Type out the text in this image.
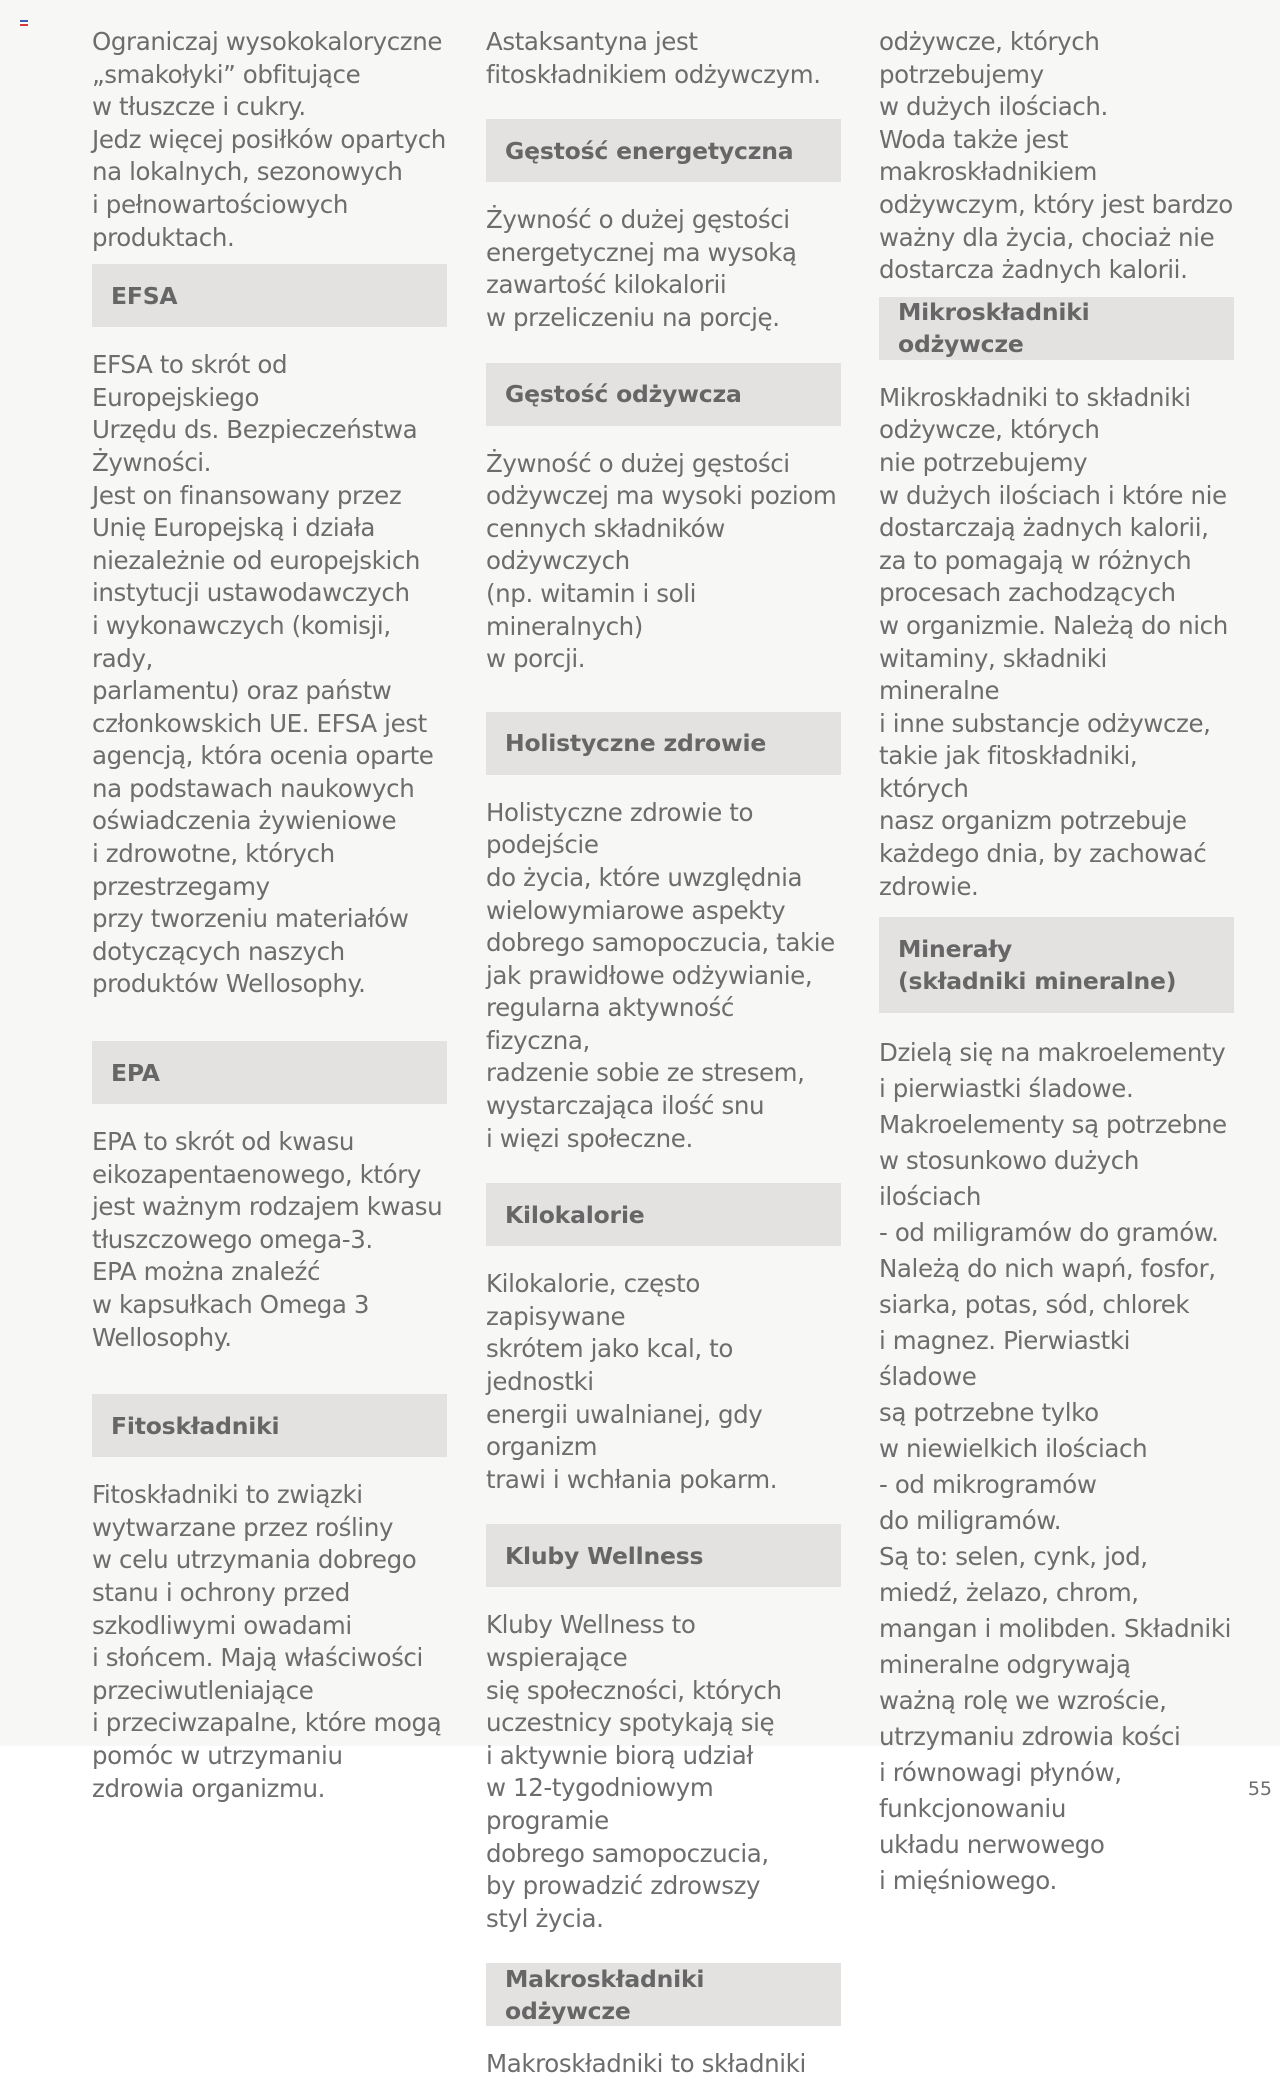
Ograniczaj wysokokaloryczne
„smakołyki” obfitujące
w tłuszcze i cukry.
Jedz więcej posiłków opartych
na lokalnych, sezonowych
i pełnowartościowych
produktach.

EFSA

EFSA to skrót od Europejskiego
Urzędu ds. Bezpieczeństwa
Żywności.
Jest on finansowany przez
Unię Europejską i działa
niezależnie od europejskich
instytucji ustawodawczych
i wykonawczych (komisji, rady,
parlamentu) oraz państw
członkowskich UE. EFSA jest
agencją, która ocenia oparte
na podstawach naukowych
oświadczenia żywieniowe
i zdrowotne, których
przestrzegamy
przy tworzeniu materiałów
dotyczących naszych
produktów Wellosophy.

EPA

EPA to skrót od kwasu
eikozapentaenowego, który
jest ważnym rodzajem kwasu
tłuszczowego omega-3.
EPA można znaleźć
w kapsułkach Omega 3
Wellosophy.

Fitoskładniki

Fitoskładniki to związki
wytwarzane przez rośliny
w celu utrzymania dobrego
stanu i ochrony przed
szkodliwymi owadami
i słońcem. Mają właściwości
przeciwutleniające
i przeciwzapalne, które mogą
pomóc w utrzymaniu
zdrowia organizmu.

Astaksantyna jest
fitoskładnikiem odżywczym.

Gęstość energetyczna

Żywność o dużej gęstości
energetycznej ma wysoką
zawartość kilokalorii
w przeliczeniu na porcję.

Gęstość odżywcza

Żywność o dużej gęstości
odżywczej ma wysoki poziom
cennych składników odżywczych
(np. witamin i soli mineralnych)
w porcji.

Holistyczne zdrowie

Holistyczne zdrowie to podejście
do życia, które uwzględnia
wielowymiarowe aspekty
dobrego samopoczucia, takie
jak prawidłowe odżywianie,
regularna aktywność fizyczna,
radzenie sobie ze stresem,
wystarczająca ilość snu
i więzi społeczne.

Kilokalorie

Kilokalorie, często zapisywane
skrótem jako kcal, to jednostki
energii uwalnianej, gdy organizm
trawi i wchłania pokarm.

Kluby Wellness

Kluby Wellness to wspierające
się społeczności, których
uczestnicy spotykają się
i aktywnie biorą udział
w 12-tygodniowym programie
dobrego samopoczucia,
by prowadzić zdrowszy
styl życia.

Makroskładniki odżywcze

Makroskładniki to składniki

odżywcze, których potrzebujemy
w dużych ilościach.
Woda także jest
makroskładnikiem
odżywczym, który jest bardzo
ważny dla życia, chociaż nie
dostarcza żadnych kalorii.

Mikroskładniki odżywcze

Mikroskładniki to składniki
odżywcze, których
nie potrzebujemy
w dużych ilościach i które nie
dostarczają żadnych kalorii,
za to pomagają w różnych
procesach zachodzących
w organizmie. Należą do nich
witaminy, składniki mineralne
i inne substancje odżywcze,
takie jak fitoskładniki, których
nasz organizm potrzebuje
każdego dnia, by zachować
zdrowie.

Minerały
(składniki mineralne)

Dzielą się na makroelementy
i pierwiastki śladowe.
Makroelementy są potrzebne
w stosunkowo dużych ilościach
- od miligramów do gramów.
Należą do nich wapń, fosfor,
siarka, potas, sód, chlorek
i magnez. Pierwiastki śladowe
są potrzebne tylko
w niewielkich ilościach
- od mikrogramów
do miligramów.
Są to: selen, cynk, jod,
miedź, żelazo, chrom,
mangan i molibden. Składniki
mineralne odgrywają
ważną rolę we wzroście,
utrzymaniu zdrowia kości
i równowagi płynów,
funkcjonowaniu
układu nerwowego
i mięśniowego.

55
